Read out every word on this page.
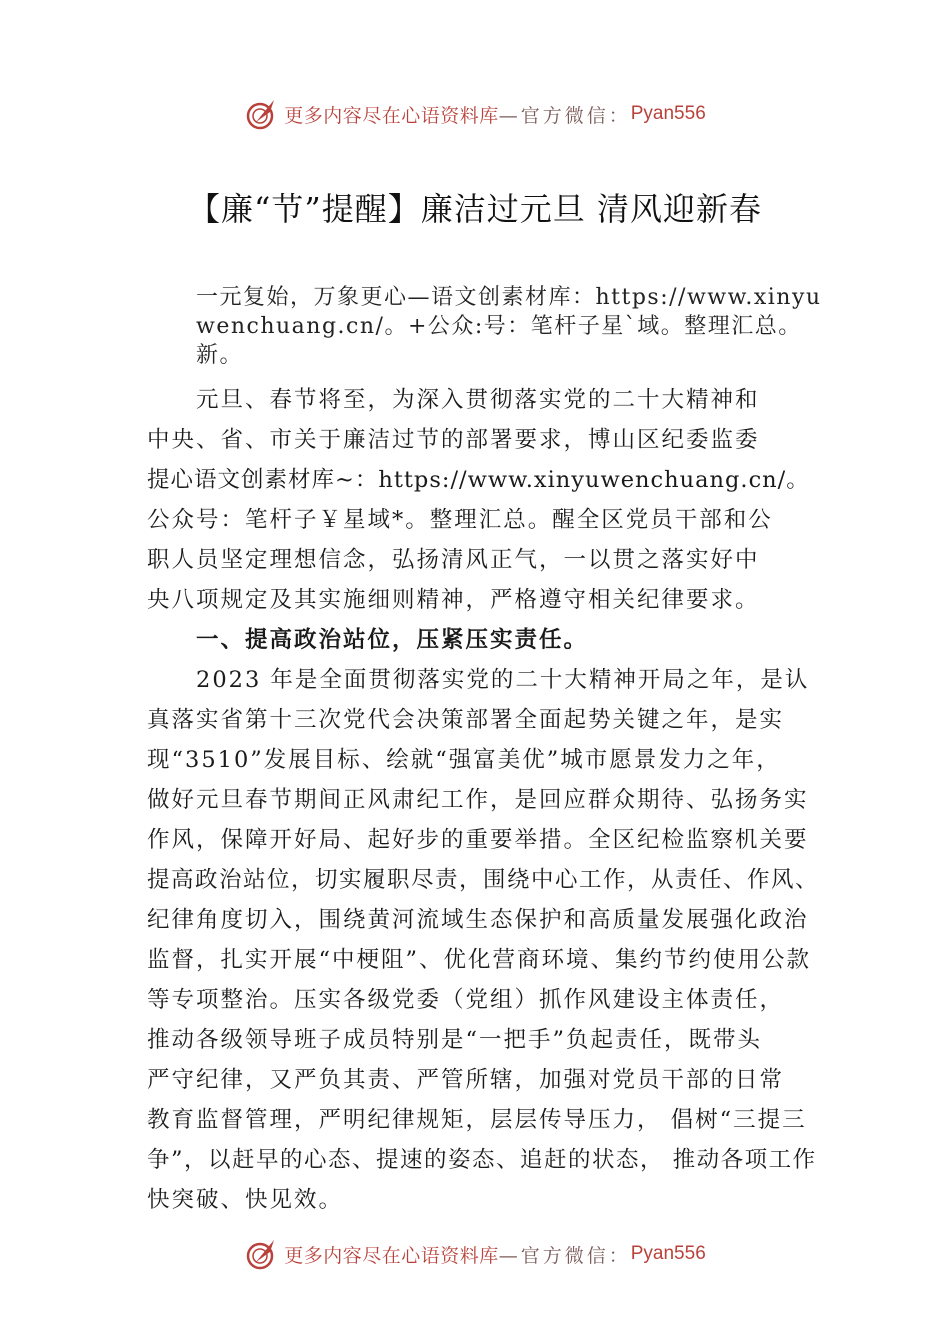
更多内容尽在心语资料库 —官方微信： Pyan556
【廉“节”提醒】廉洁过元旦 清风迎新春
一元复始，万象更心—语文创素材库：https://www.xinyuwenchuang.cn/。+公众:号：笔杆子星`域。整理汇总。新。
元旦、春节将至，为深入贯彻落实党的二十大精神和
中央、省、市关于廉洁过节的部署要求，博山区纪委监委
提心语文创素材库~：https://www.xinyuwenchuang.cn/。
公众号：笔杆子￥星域*。整理汇总。醒全区党员干部和公
职人员坚定理想信念，弘扬清风正气，一以贯之落实好中
央八项规定及其实施细则精神，严格遵守相关纪律要求。
一、提高政治站位，压紧压实责任。
2023 年是全面贯彻落实党的二十大精神开局之年，是认
真落实省第十三次党代会决策部署全面起势关键之年，是实
现“3510”发展目标、绘就“强富美优”城市愿景发力之年，
做好元旦春节期间正风肃纪工作，是回应群众期待、弘扬务实
作风，保障开好局、起好步的重要举措。全区纪检监察机关要
提高政治站位，切实履职尽责，围绕中心工作，从责任、作风、
纪律角度切入，围绕黄河流域生态保护和高质量发展强化政治
监督，扎实开展“中梗阻”、优化营商环境、集约节约使用公款
等专项整治。压实各级党委（党组）抓作风建设主体责任，
推动各级领导班子成员特别是“一把手”负起责任，既带头
严守纪律，又严负其责、严管所辖，加强对党员干部的日常
教育监督管理，严明纪律规矩，层层传导压力， 倡树“三提三
争”，以赶早的心态、提速的姿态、追赶的状态， 推动各项工作
快突破、快见效。
更多内容尽在心语资料库 —官方微信： Pyan556
